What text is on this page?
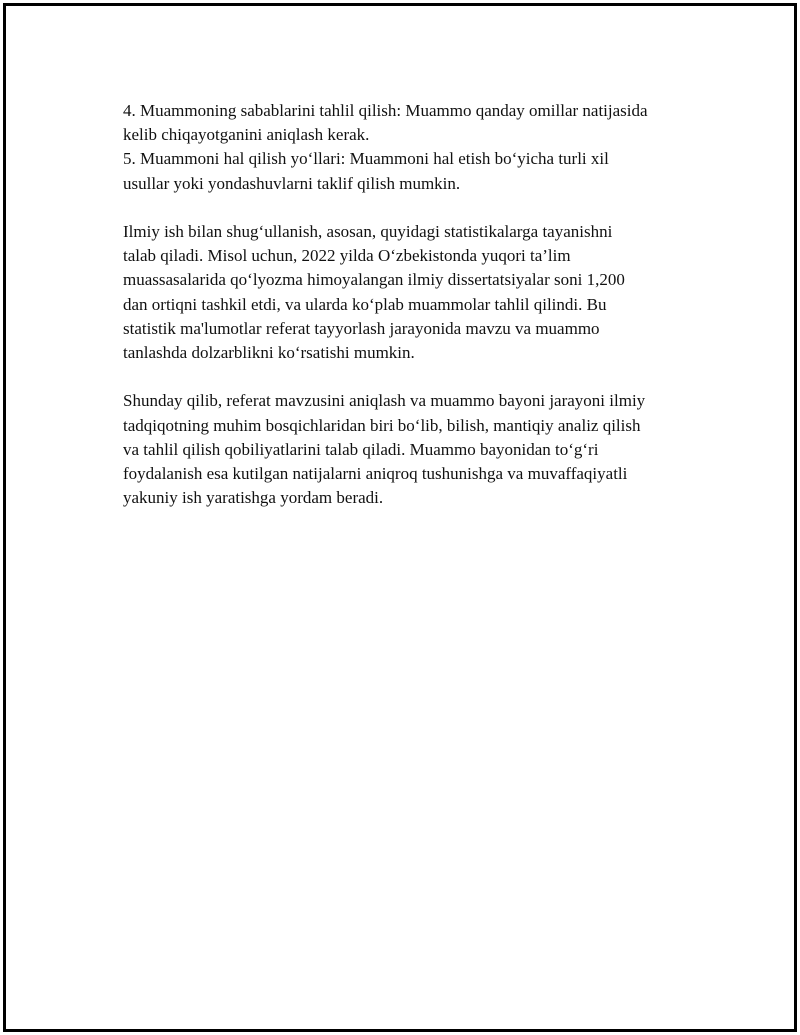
4. Muammoning sabablarini tahlil qilish: Muammo qanday omillar natijasida
kelib chiqayotganini aniqlash kerak.

5. Muammoni hal qilish yo‘llari: Muammoni hal etish bo‘yicha turli xil
usullar yoki yondashuvlarni taklif qilish mumkin.

Ilmiy ish bilan shug‘ullanish, asosan, quyidagi statistikalarga tayanishni
talab qiladi. Misol uchun, 2022 yilda O‘zbekistonda yuqori ta’lim
muassasalarida qo‘lyozma himoyalangan ilmiy dissertatsiyalar soni 1,200
dan ortiqni tashkil etdi, va ularda ko‘plab muammolar tahlil qilindi. Bu
statistik ma'lumotlar referat tayyorlash jarayonida mavzu va muammo
tanlashda dolzarblikni ko‘rsatishi mumkin.

Shunday qilib, referat mavzusini aniqlash va muammo bayoni jarayoni ilmiy
tadqiqotning muhim bosqichlaridan biri bo‘lib, bilish, mantiqiy analiz qilish
va tahlil qilish qobiliyatlarini talab qiladi. Muammo bayonidan to‘g‘ri
foydalanish esa kutilgan natijalarni aniqroq tushunishga va muvaffaqiyatli
yakuniy ish yaratishga yordam beradi.
